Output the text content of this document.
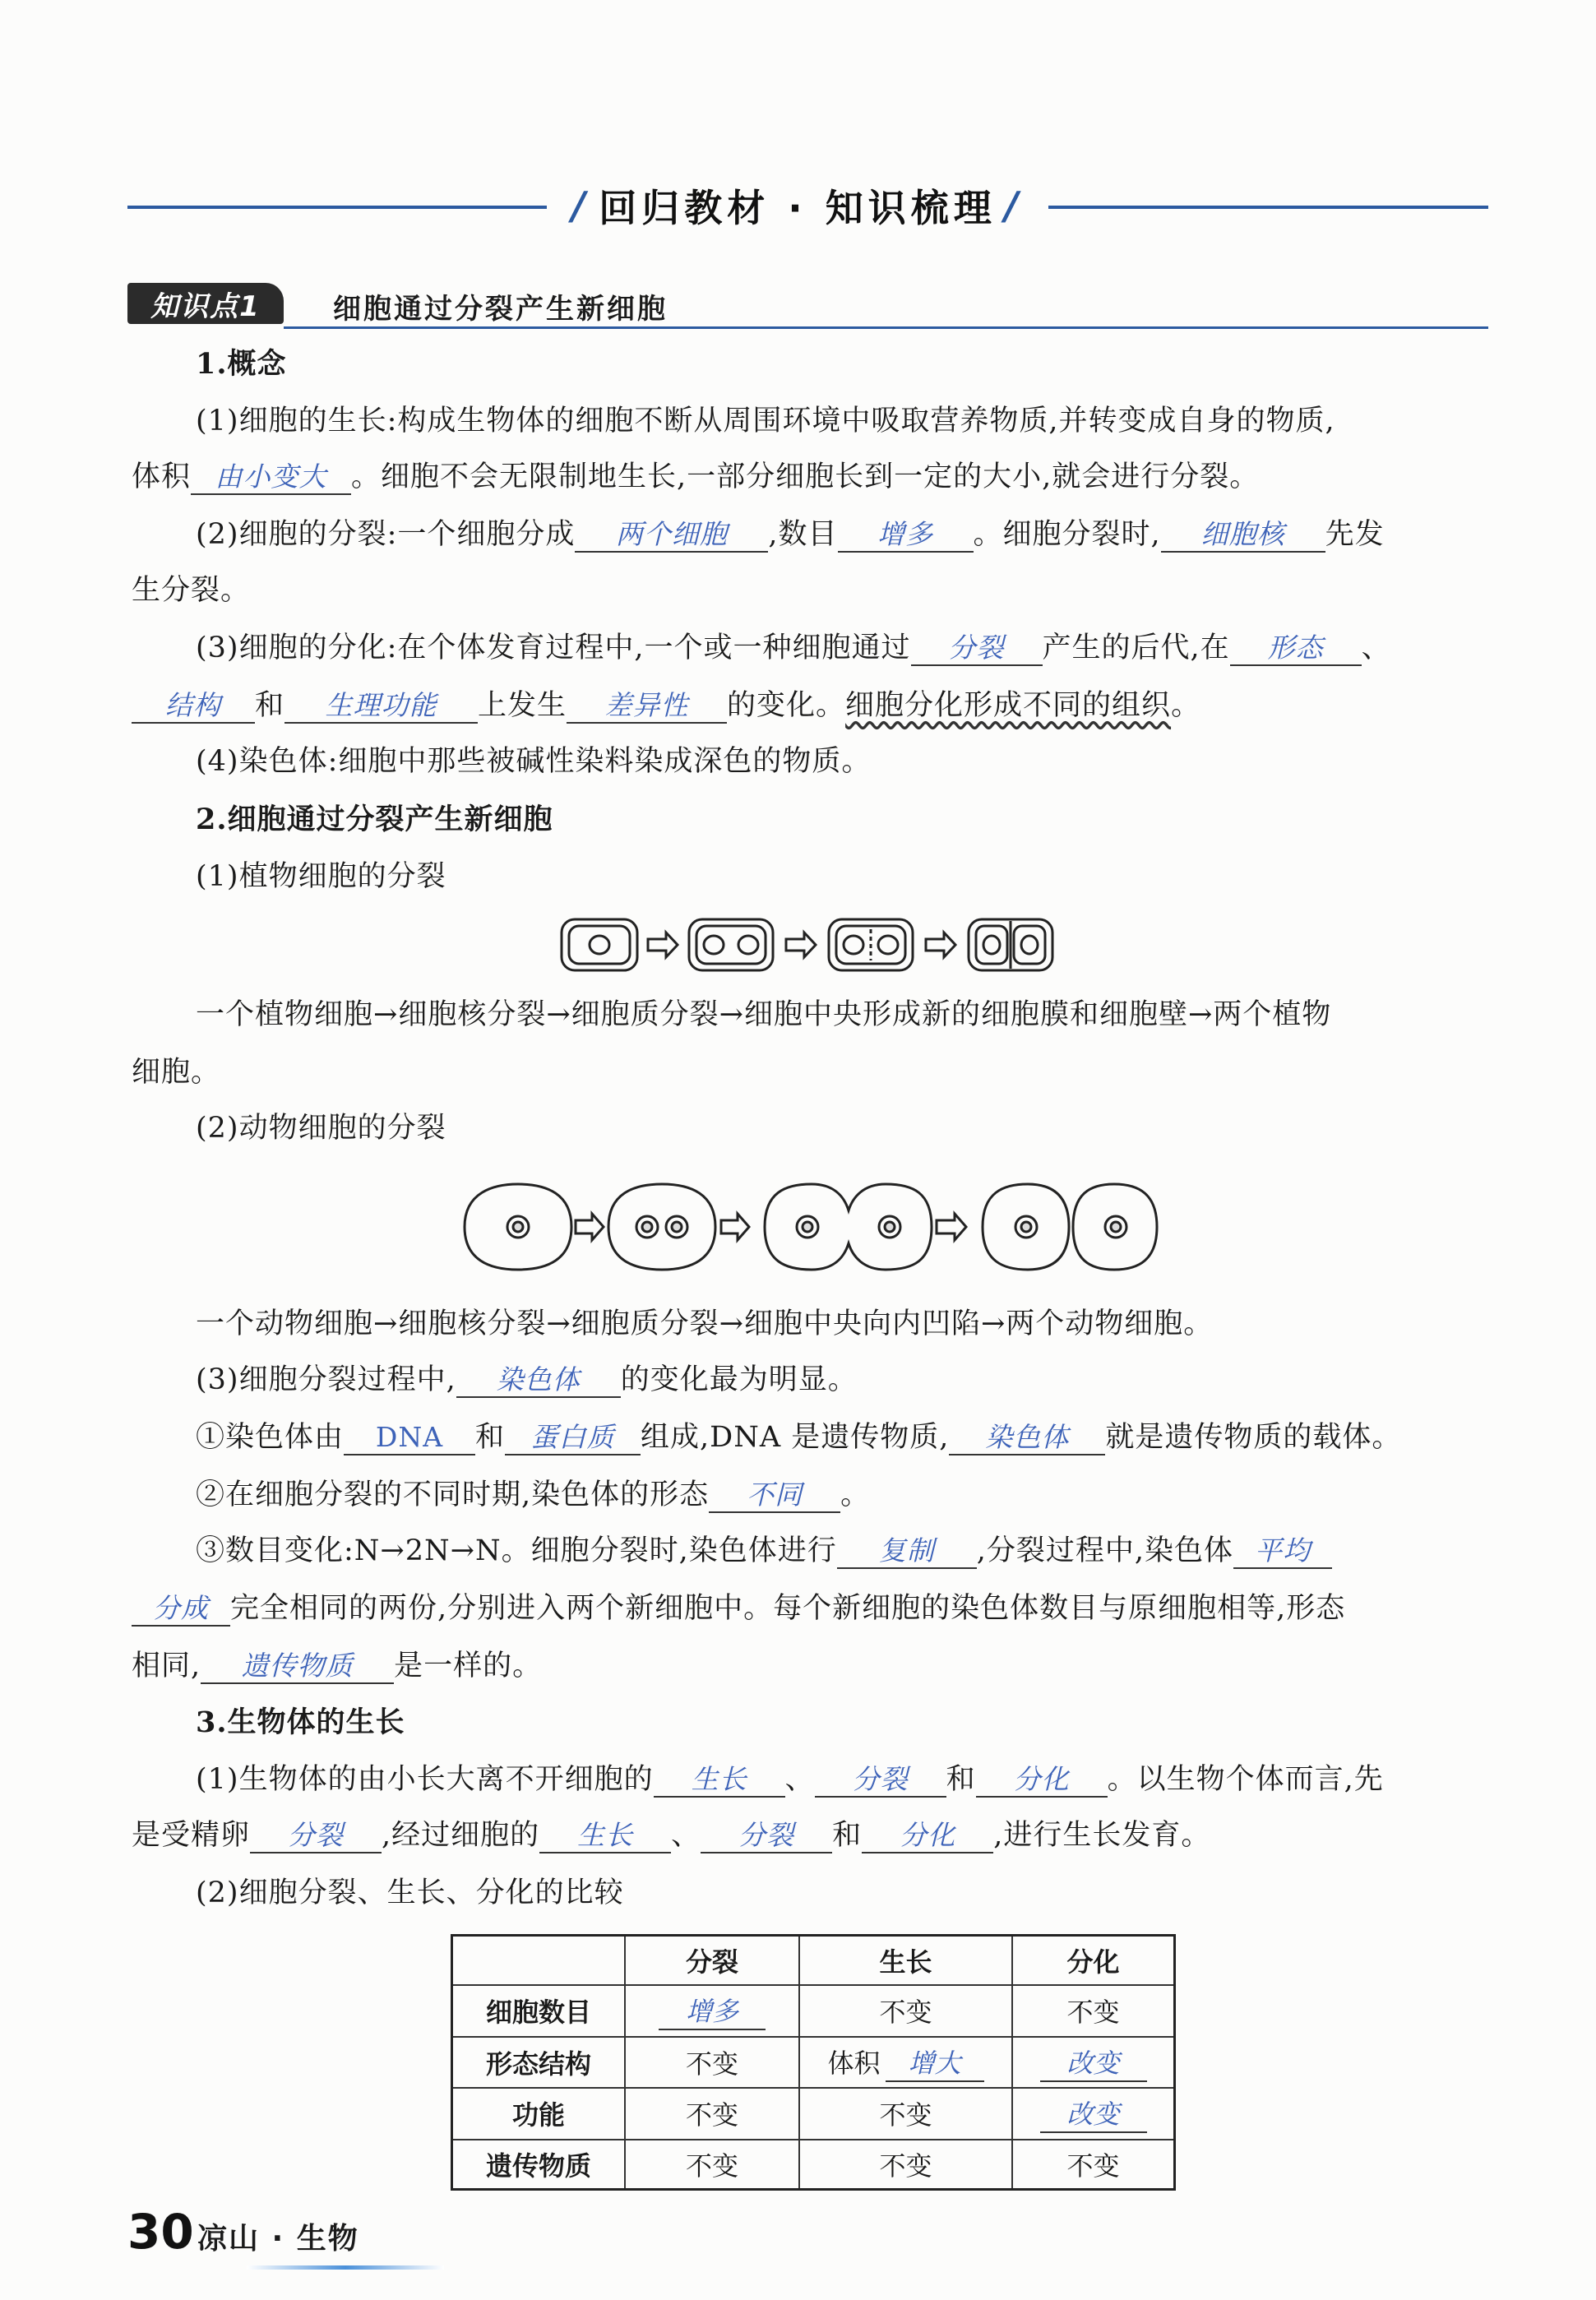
/ 回归教材 · 知识梳理 /
知识点1	细胞通过分裂产生新细胞
1.概念
(1)细胞的生长:构成生物体的细胞不断从周围环境中吸取营养物质,并转变成自身的物质,
体积 由小变大 。细胞不会无限制地生长,一部分细胞长到一定的大小,就会进行分裂。
(2)细胞的分裂:一个细胞分成 两个细胞 ,数目 增多 。细胞分裂时, 细胞核 先发
生分裂。
(3)细胞的分化:在个体发育过程中,一个或一种细胞通过 分裂 产生的后代,在 形态 、
结构 和 生理功能 上发生 差异性 的变化。细胞分化形成不同的组织。
(4)染色体:细胞中那些被碱性染料染成深色的物质。
2.细胞通过分裂产生新细胞
(1)植物细胞的分裂
一个植物细胞→细胞核分裂→细胞质分裂→细胞中央形成新的细胞膜和细胞壁→两个植物
细胞。
(2)动物细胞的分裂
一个动物细胞→细胞核分裂→细胞质分裂→细胞中央向内凹陷→两个动物细胞。
(3)细胞分裂过程中, 染色体 的变化最为明显。
①染色体由 DNA 和 蛋白质 组成,DNA 是遗传物质, 染色体 就是遗传物质的载体。
②在细胞分裂的不同时期,染色体的形态 不同 。
③数目变化:N→2N→N。细胞分裂时,染色体进行 复制 ,分裂过程中,染色体 平均
分成 完全相同的两份,分别进入两个新细胞中。每个新细胞的染色体数目与原细胞相等,形态
相同, 遗传物质 是一样的。
3.生物体的生长
(1)生物体的由小长大离不开细胞的 生长 、 分裂 和 分化 。以生物个体而言,先
是受精卵 分裂 ,经过细胞的 生长 、 分裂 和 分化 ,进行生长发育。
(2)细胞分裂、生长、分化的比较
	分裂	生长	分化
细胞数目	增多	不变	不变
形态结构	不变	体积 增大	改变
功能	不变	不变	改变
遗传物质	不变	不变	不变
30 凉山 · 生物
